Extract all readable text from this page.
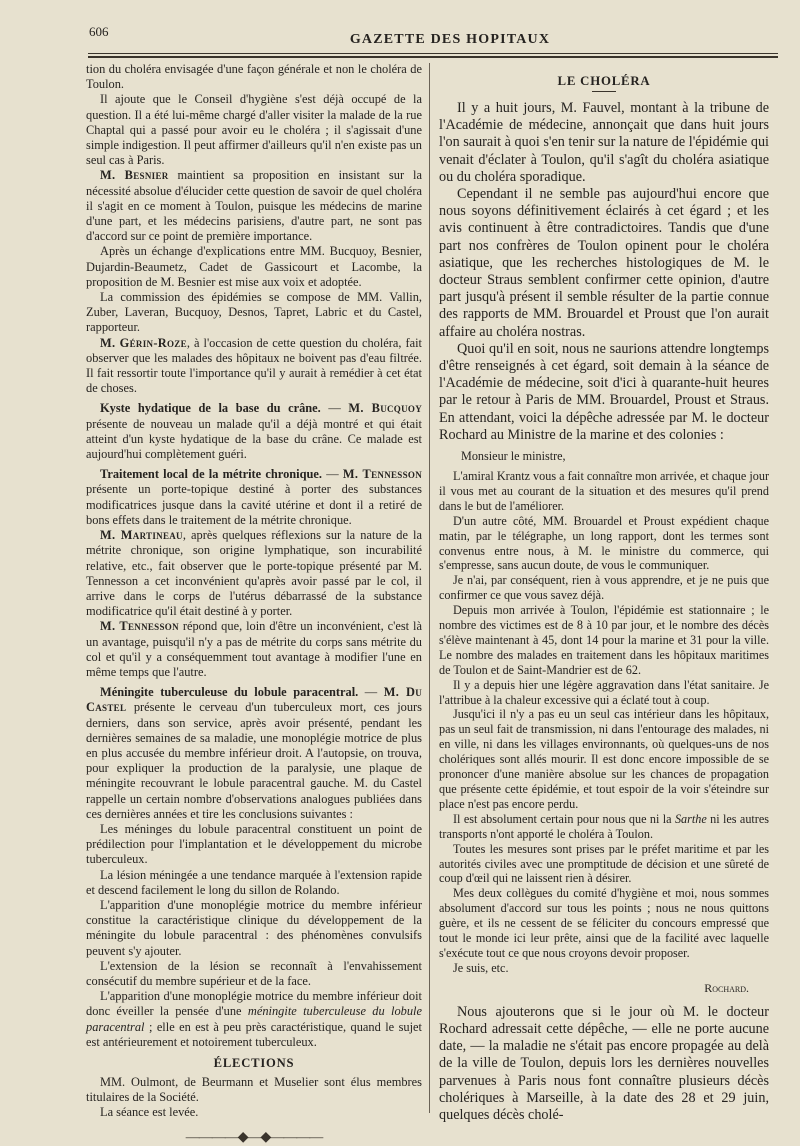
606
GAZETTE DES HOPITAUX

tion du choléra envisagée d'une façon générale et non le choléra de Toulon.

Il ajoute que le Conseil d'hygiène s'est déjà occupé de la question. Il a été lui-même chargé d'aller visiter la malade de la rue Chaptal qui a passé pour avoir eu le choléra ; il s'agissait d'une simple indigestion. Il peut affirmer d'ailleurs qu'il n'en existe pas un seul cas à Paris.

M. Besnier maintient sa proposition en insistant sur la nécessité absolue d'élucider cette question de savoir de quel choléra il s'agit en ce moment à Toulon, puisque les médecins de marine d'une part, et les médecins parisiens, d'autre part, ne sont pas d'accord sur ce point de première importance.

Après un échange d'explications entre MM. Bucquoy, Besnier, Dujardin-Beaumetz, Cadet de Gassicourt et Lacombe, la proposition de M. Besnier est mise aux voix et adoptée.

La commission des épidémies se compose de MM. Vallin, Zuber, Laveran, Bucquoy, Desnos, Tapret, Labric et du Castel, rapporteur.

M. Gérin-Roze, à l'occasion de cette question du choléra, fait observer que les malades des hôpitaux ne boivent pas d'eau filtrée. Il fait ressortir toute l'importance qu'il y aurait à remédier à cet état de choses.

Kyste hydatique de la base du crâne. — M. Bucquoy présente de nouveau un malade qu'il a déjà montré et qui était atteint d'un kyste hydatique de la base du crâne. Ce malade est aujourd'hui complètement guéri.

Traitement local de la métrite chronique. — M. Tennesson présente un porte-topique destiné à porter des substances modificatrices jusque dans la cavité utérine et dont il a retiré de bons effets dans le traitement de la métrite chronique.

M. Martineau, après quelques réflexions sur la nature de la métrite chronique, son origine lymphatique, son incurabilité relative, etc., fait observer que le porte-topique présenté par M. Tennesson a cet inconvénient qu'après avoir passé par le col, il arrive dans le corps de l'utérus débarrassé de la substance modificatrice qu'il était destiné à y porter.

M. Tennesson répond que, loin d'être un inconvénient, c'est là un avantage, puisqu'il n'y a pas de métrite du corps sans métrite du col et qu'il y a conséquemment tout avantage à modifier l'une en même temps que l'autre.

Méningite tuberculeuse du lobule paracentral. — M. Du Castel présente le cerveau d'un tuberculeux mort, ces jours derniers, dans son service, après avoir présenté, pendant les dernières semaines de sa maladie, une monoplégie motrice de plus en plus accusée du membre inférieur droit. A l'autopsie, on trouva, pour expliquer la production de la paralysie, une plaque de méningite recouvrant le lobule paracentral gauche. M. du Castel rappelle un certain nombre d'observations analogues publiées dans ces dernières années et tire les conclusions suivantes :

Les méninges du lobule paracentral constituent un point de prédilection pour l'implantation et le développement du microbe tuberculeux.

La lésion méningée a une tendance marquée à l'extension rapide et descend facilement le long du sillon de Rolando.

L'apparition d'une monoplégie motrice du membre inférieur constitue la caractéristique clinique du développement de la méningite du lobule paracentral : des phénomènes convulsifs peuvent s'y ajouter.

L'extension de la lésion se reconnaît à l'envahissement consécutif du membre supérieur et de la face.

L'apparition d'une monoplégie motrice du membre inférieur doit donc éveiller la pensée d'une méningite tuberculeuse du lobule paracentral ; elle en est à peu près caractéristique, quand le sujet est antérieurement et notoirement tuberculeux.

ÉLECTIONS

MM. Oulmont, de Beurmann et Muselier sont élus membres titulaires de la Société.

La séance est levée.

————◆—◆————
LE CHOLÉRA

Il y a huit jours, M. Fauvel, montant à la tribune de l'Académie de médecine, annonçait que dans huit jours l'on saurait à quoi s'en tenir sur la nature de l'épidémie qui venait d'éclater à Toulon, qu'il s'agît du choléra asiatique ou du choléra sporadique.

Cependant il ne semble pas aujourd'hui encore que nous soyons définitivement éclairés à cet égard ; et les avis continuent à être contradictoires. Tandis que d'une part nos confrères de Toulon opinent pour le choléra asiatique, que les recherches histologiques de M. le docteur Straus semblent confirmer cette opinion, d'autre part jusqu'à présent il semble résulter de la partie connue des rapports de MM. Brouardel et Proust que l'on aurait affaire au choléra nostras.

Quoi qu'il en soit, nous ne saurions attendre longtemps d'être renseignés à cet égard, soit demain à la séance de l'Académie de médecine, soit d'ici à quarante-huit heures par le retour à Paris de MM. Brouardel, Proust et Straus. En attendant, voici la dépêche adressée par M. le docteur Rochard au Ministre de la marine et des colonies :

Monsieur le ministre,

L'amiral Krantz vous a fait connaître mon arrivée, et chaque jour il vous met au courant de la situation et des mesures qu'il prend dans le but de l'améliorer.

D'un autre côté, MM. Brouardel et Proust expédient chaque matin, par le télégraphe, un long rapport, dont les termes sont convenus entre nous, à M. le ministre du commerce, qui s'empresse, sans aucun doute, de vous le communiquer.

Je n'ai, par conséquent, rien à vous apprendre, et je ne puis que confirmer ce que vous savez déjà.

Depuis mon arrivée à Toulon, l'épidémie est stationnaire ; le nombre des victimes est de 8 à 10 par jour, et le nombre des décès s'élève maintenant à 45, dont 14 pour la marine et 31 pour la ville. Le nombre des malades en traitement dans les hôpitaux maritimes de Toulon et de Saint-Mandrier est de 62.

Il y a depuis hier une légère aggravation dans l'état sanitaire. Je l'attribue à la chaleur excessive qui a éclaté tout à coup.

Jusqu'ici il n'y a pas eu un seul cas intérieur dans les hôpitaux, pas un seul fait de transmission, ni dans l'entourage des malades, ni en ville, ni dans les villages environnants, où quelques-uns de nos cholériques sont allés mourir. Il est donc encore impossible de se prononcer d'une manière absolue sur les chances de propagation que présente cette épidémie, et tout espoir de la voir s'éteindre sur place n'est pas encore perdu.

Il est absolument certain pour nous que ni la Sarthe ni les autres transports n'ont apporté le choléra à Toulon.

Toutes les mesures sont prises par le préfet maritime et par les autorités civiles avec une promptitude de décision et une sûreté de coup d'œil qui ne laissent rien à désirer.

Mes deux collègues du comité d'hygiène et moi, nous sommes absolument d'accord sur tous les points ; nous ne nous quittons guère, et ils ne cessent de se féliciter du concours empressé que tout le monde ici leur prête, ainsi que de la facilité avec laquelle s'exécute tout ce que nous croyons devoir proposer.

Je suis, etc.

Rochard.

Nous ajouterons que si le jour où M. le docteur Rochard adressait cette dépêche, — elle ne porte aucune date, — la maladie ne s'était pas encore propagée au delà de la ville de Toulon, depuis lors les dernières nouvelles parvenues à Paris nous font connaître plusieurs décès cholériques à Marseille, à la date des 28 et 29 juin, quelques décès cholé-
